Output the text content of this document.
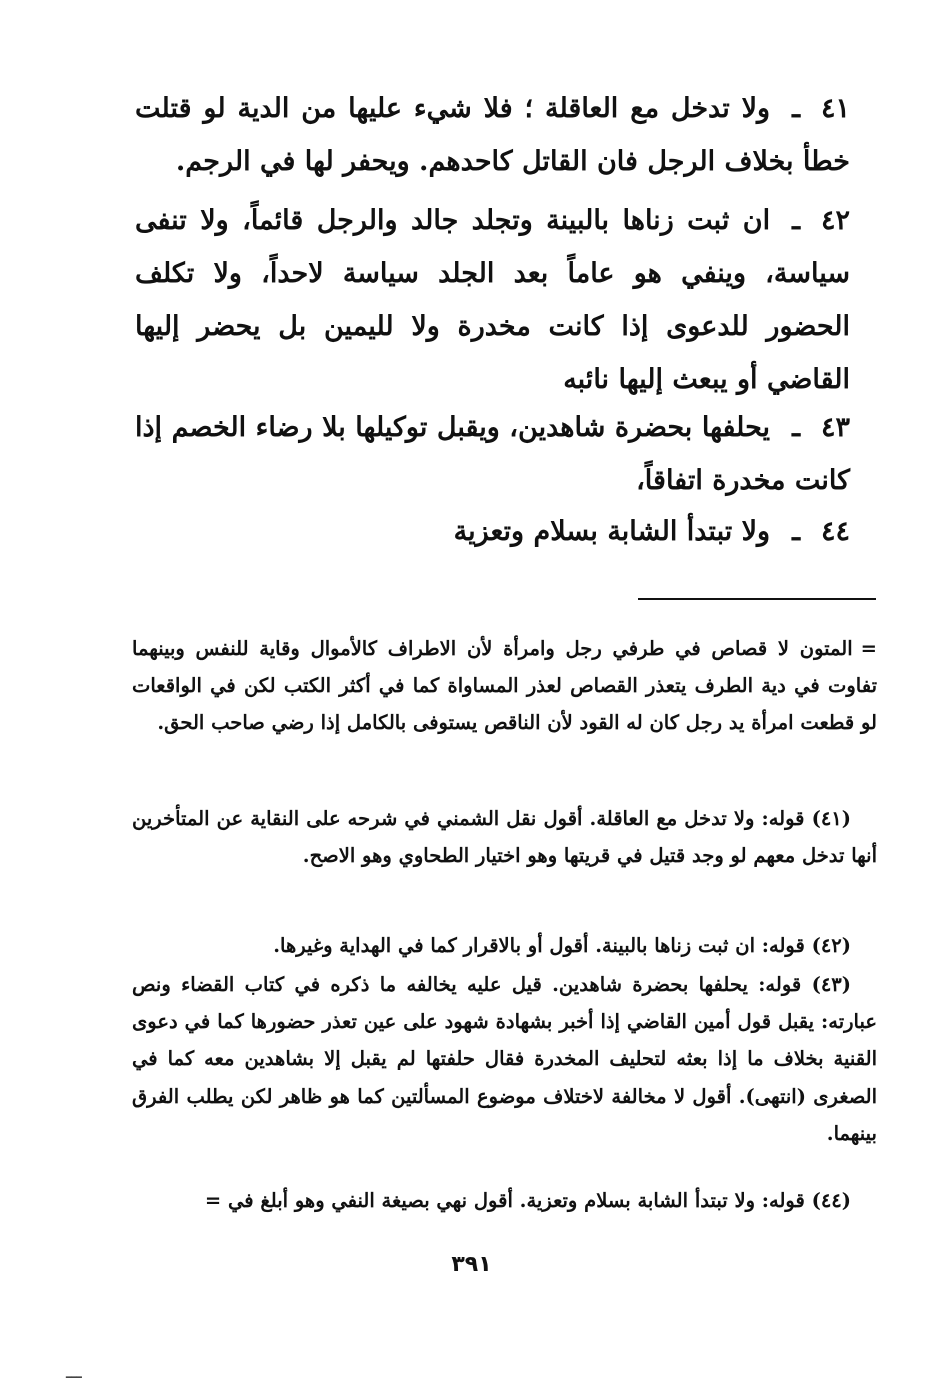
٤١ـولا تدخل مع العاقلة ؛ فلا شيء عليها من الدية لو قتلت خطأ بخلاف الرجل فان القاتل كاحدهم. ويحفر لها في الرجم.
٤٢ـان ثبت زناها بالبينة وتجلد جالد والرجل قائماً، ولا تنفى سياسة، وينفي هو عاماً بعد الجلد سياسة لاحداً، ولا تكلف الحضور للدعوى إذا كانت مخدرة ولا لليمين بل يحضر إليها القاضي أو يبعث إليها نائبه
٤٣ـيحلفها بحضرة شاهدين، ويقبل توكيلها بلا رضاء الخصم إذا كانت مخدرة اتفاقاً،
٤٤ـولا تبتدأ الشابة بسلام وتعزية
=المتون لا قصاص في طرفي رجل وامرأة لأن الاطراف كالأموال وقاية للنفس وبينهما تفاوت في دية الطرف يتعذر القصاص لعذر المساواة كما في أكثر الكتب لكن في الواقعات لو قطعت امرأة يد رجل كان له القود لأن الناقص يستوفى بالكامل إذا رضي صاحب الحق.
(٤١) قوله: ولا تدخل مع العاقلة. أقول نقل الشمني في شرحه على النقاية عن المتأخرين أنها تدخل معهم لو وجد قتيل في قريتها وهو اختيار الطحاوي وهو الاصح.
(٤٢) قوله: ان ثبت زناها بالبينة. أقول أو بالاقرار كما في الهداية وغيرها.
(٤٣) قوله: يحلفها بحضرة شاهدين. قيل عليه يخالفه ما ذكره في كتاب القضاء ونص عبارته: يقبل قول أمين القاضي إذا أخبر بشهادة شهود على عين تعذر حضورها كما في دعوى القنية بخلاف ما إذا بعثه لتحليف المخدرة فقال حلفتها لم يقبل إلا بشاهدين معه كما في الصغرى (انتهى). أقول لا مخالفة لاختلاف موضوع المسألتين كما هو ظاهر لكن يطلب الفرق بينهما.
(٤٤) قوله: ولا تبتدأ الشابة بسلام وتعزية. أقول نهي بصيغة النفي وهو أبلغ في =
٣٩١
ـــ
